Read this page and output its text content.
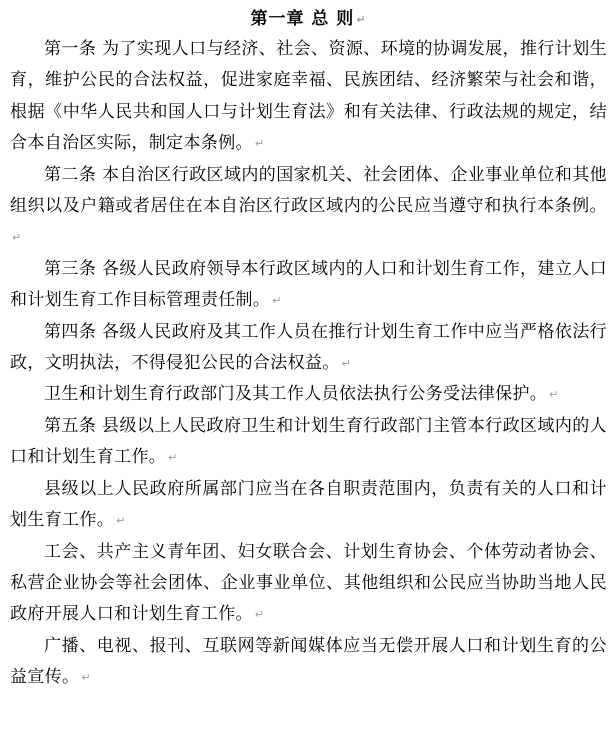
第一章 总 则 ↵

第一条 为了实现人口与经济、社会、资源、环境的协调发展，推行计划生育，维护公民的合法权益，促进家庭幸福、民族团结、经济繁荣与社会和谐，根据《中华人民共和国人口与计划生育法》和有关法律、行政法规的规定，结合本自治区实际，制定本条例。 ↵

第二条 本自治区行政区域内的国家机关、社会团体、企业事业单位和其他组织以及户籍或者居住在本自治区行政区域内的公民应当遵守和执行本条例。↵

第三条 各级人民政府领导本行政区域内的人口和计划生育工作，建立人口和计划生育工作目标管理责任制。 ↵

第四条 各级人民政府及其工作人员在推行计划生育工作中应当严格依法行政，文明执法，不得侵犯公民的合法权益。 ↵

卫生和计划生育行政部门及其工作人员依法执行公务受法律保护。 ↵

第五条 县级以上人民政府卫生和计划生育行政部门主管本行政区域内的人口和计划生育工作。 ↵

县级以上人民政府所属部门应当在各自职责范围内，负责有关的人口和计划生育工作。 ↵

工会、共产主义青年团、妇女联合会、计划生育协会、个体劳动者协会、私营企业协会等社会团体、企业事业单位、其他组织和公民应当协助当地人民政府开展人口和计划生育工作。 ↵

广播、电视、报刊、互联网等新闻媒体应当无偿开展人口和计划生育的公益宣传。 ↵
